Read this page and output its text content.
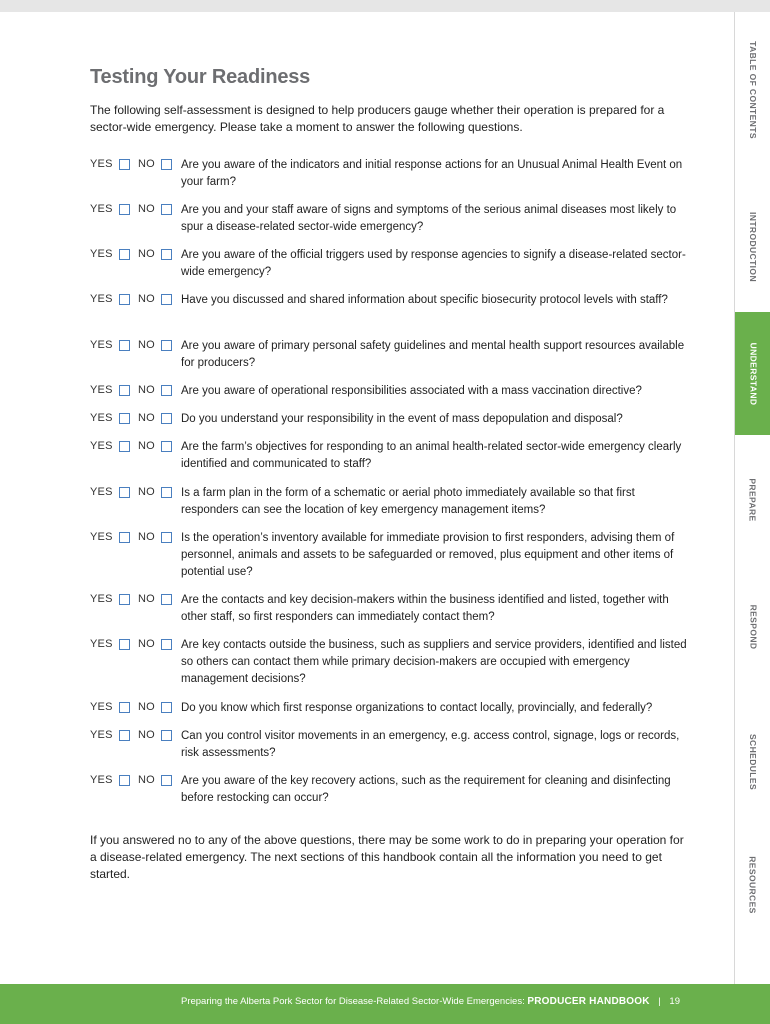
Testing Your Readiness
The following self-assessment is designed to help producers gauge whether their operation is prepared for a sector-wide emergency. Please take a moment to answer the following questions.
YES NO Are you aware of the indicators and initial response actions for an Unusual Animal Health Event on your farm?
YES NO Are you and your staff aware of signs and symptoms of the serious animal diseases most likely to spur a disease-related sector-wide emergency?
YES NO Are you aware of the official triggers used by response agencies to signify a disease-related sector-wide emergency?
YES NO Have you discussed and shared information about specific biosecurity protocol levels with staff?
YES NO Are you aware of primary personal safety guidelines and mental health support resources available for producers?
YES NO Are you aware of operational responsibilities associated with a mass vaccination directive?
YES NO Do you understand your responsibility in the event of mass depopulation and disposal?
YES NO Are the farm’s objectives for responding to an animal health-related sector-wide emergency clearly identified and communicated to staff?
YES NO Is a farm plan in the form of a schematic or aerial photo immediately available so that first responders can see the location of key emergency management items?
YES NO Is the operation’s inventory available for immediate provision to first responders, advising them of personnel, animals and assets to be safeguarded or removed, plus equipment and other items of potential use?
YES NO Are the contacts and key decision-makers within the business identified and listed, together with other staff, so first responders can immediately contact them?
YES NO Are key contacts outside the business, such as suppliers and service providers, identified and listed so others can contact them while primary decision-makers are occupied with emergency management decisions?
YES NO Do you know which first response organizations to contact locally, provincially, and federally?
YES NO Can you control visitor movements in an emergency, e.g. access control, signage, logs or records, risk assessments?
YES NO Are you aware of the key recovery actions, such as the requirement for cleaning and disinfecting before restocking can occur?
If you answered no to any of the above questions, there may be some work to do in preparing your operation for a disease-related emergency. The next sections of this handbook contain all the information you need to get started.
TABLE OF CONTENTS
INTRODUCTION
UNDERSTAND
PREPARE
RESPOND
SCHEDULES
RESOURCES
Preparing the Alberta Pork Sector for Disease-Related Sector-Wide Emergencies: PRODUCER HANDBOOK | 19
